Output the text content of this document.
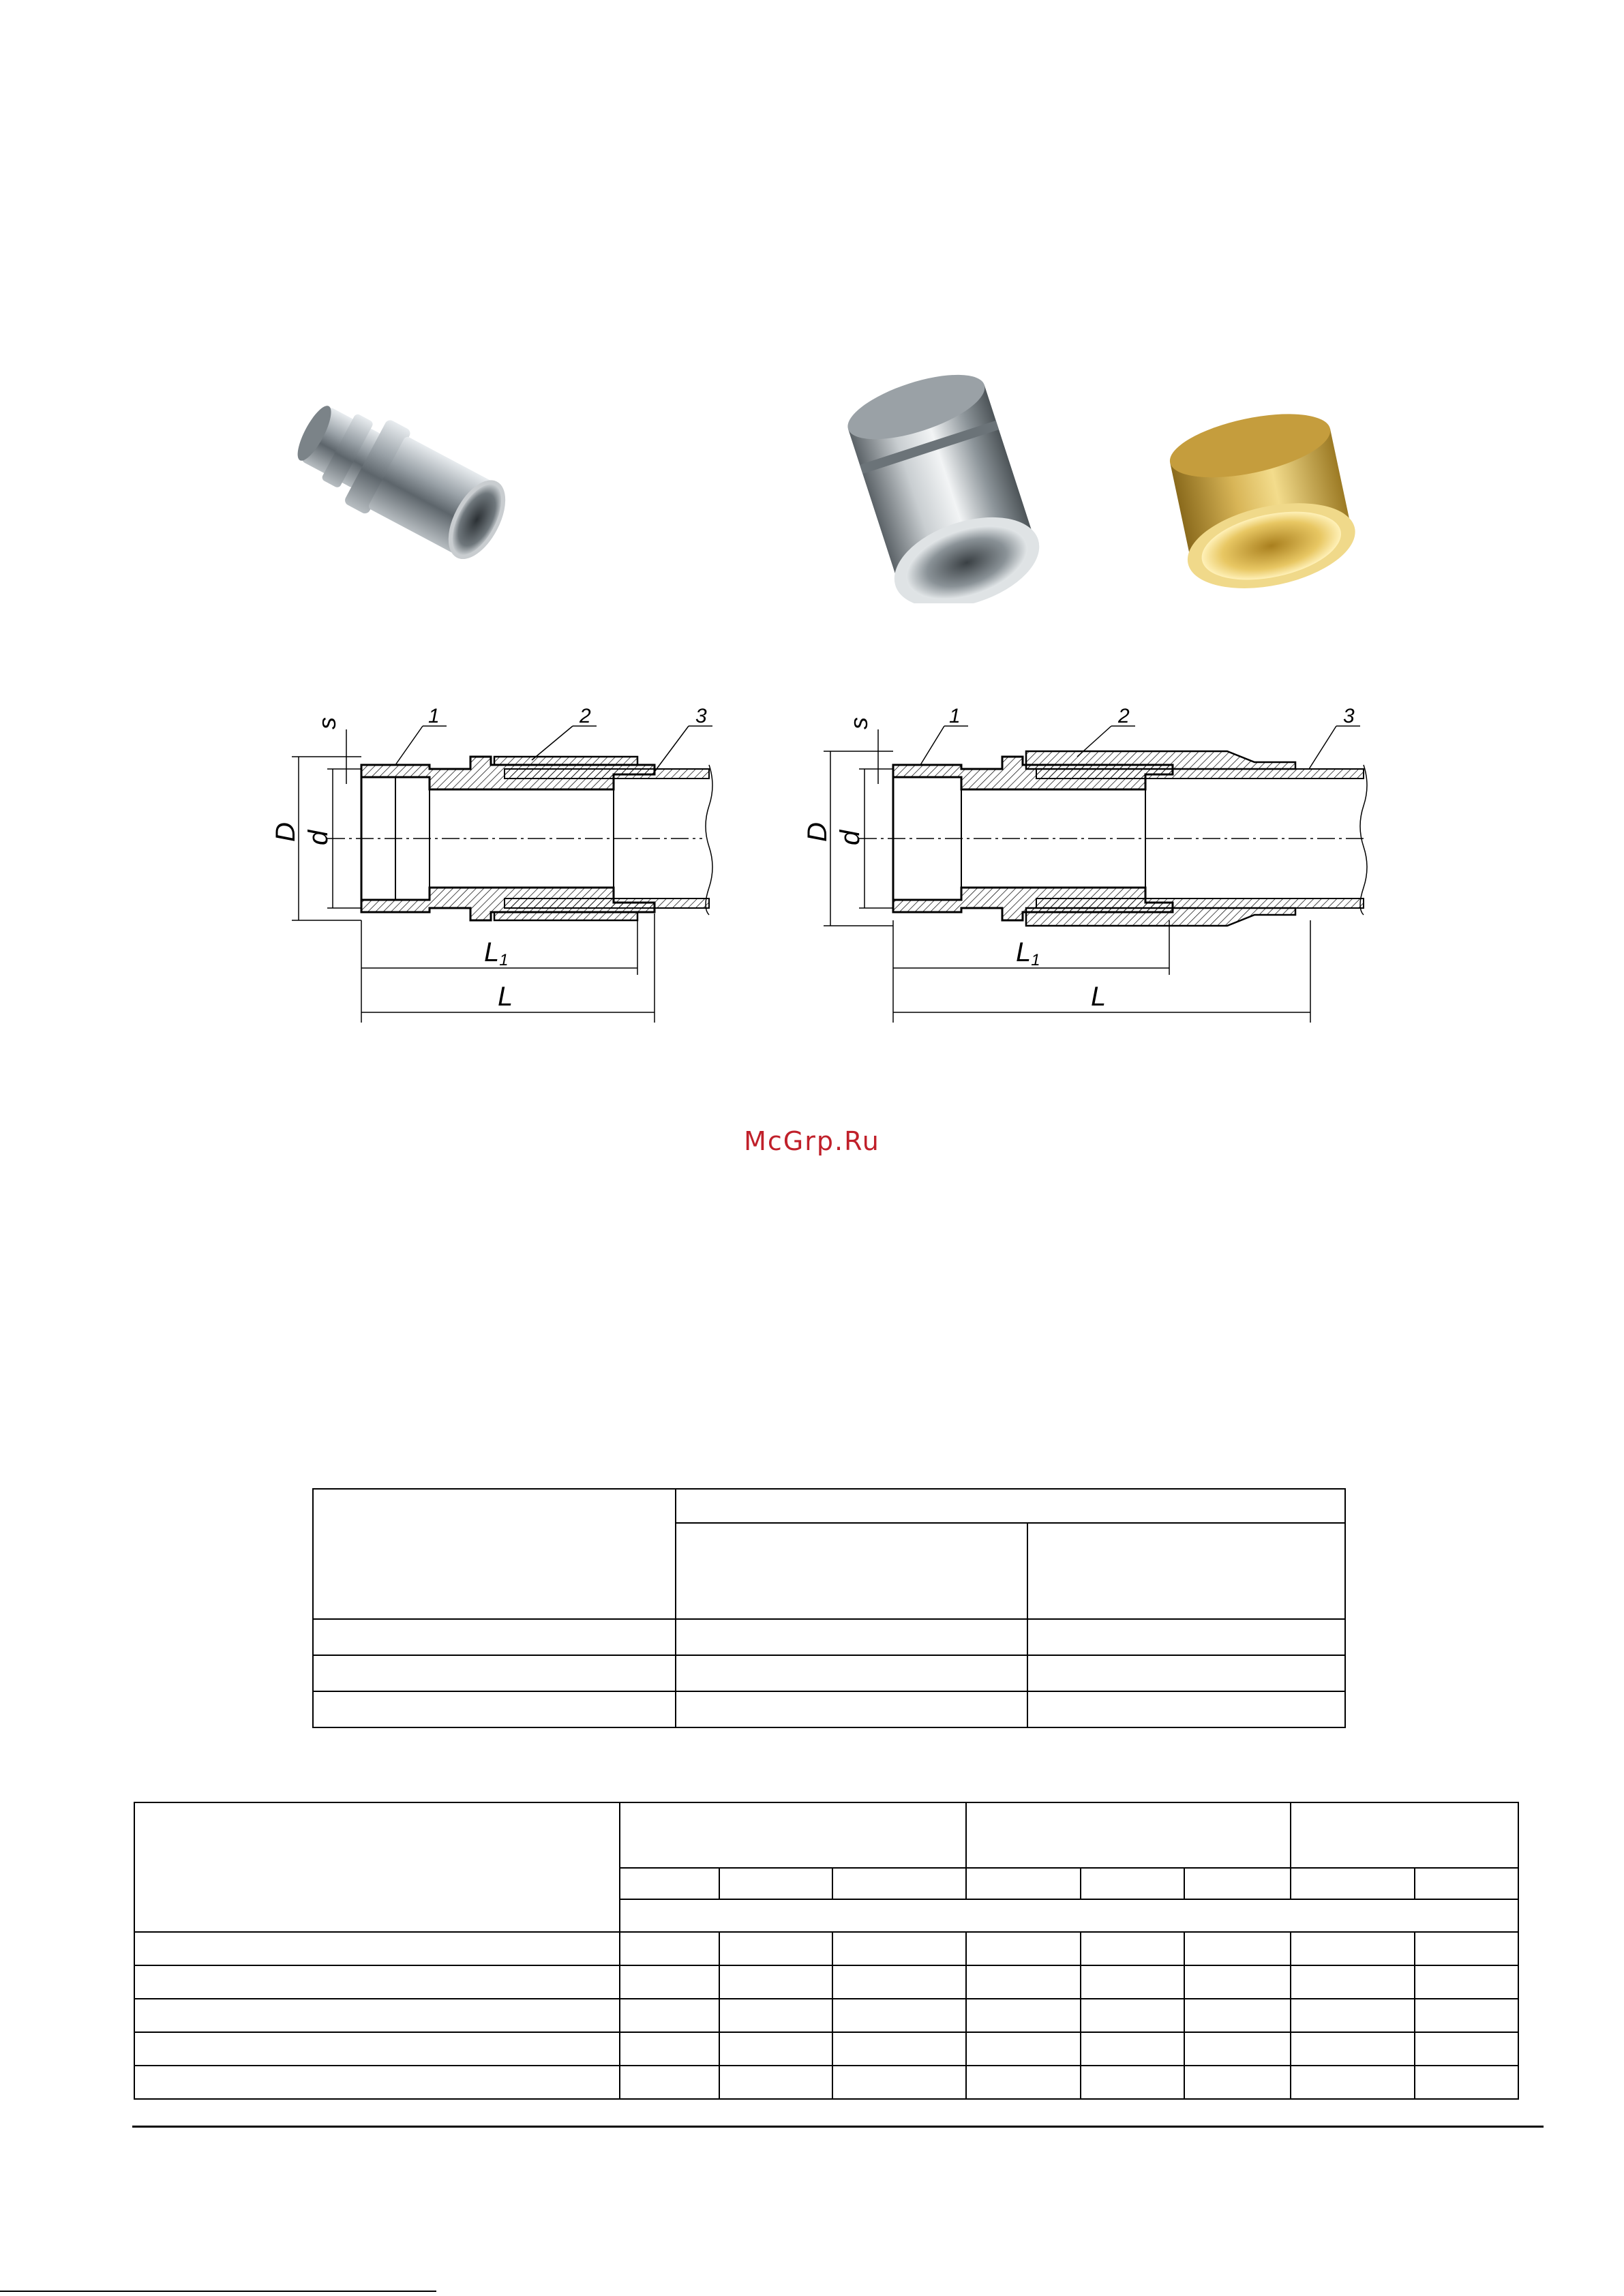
D d
s	1	2	3
L1
L
D d
s	1	2	3
L1
L
McGrp.Ru
